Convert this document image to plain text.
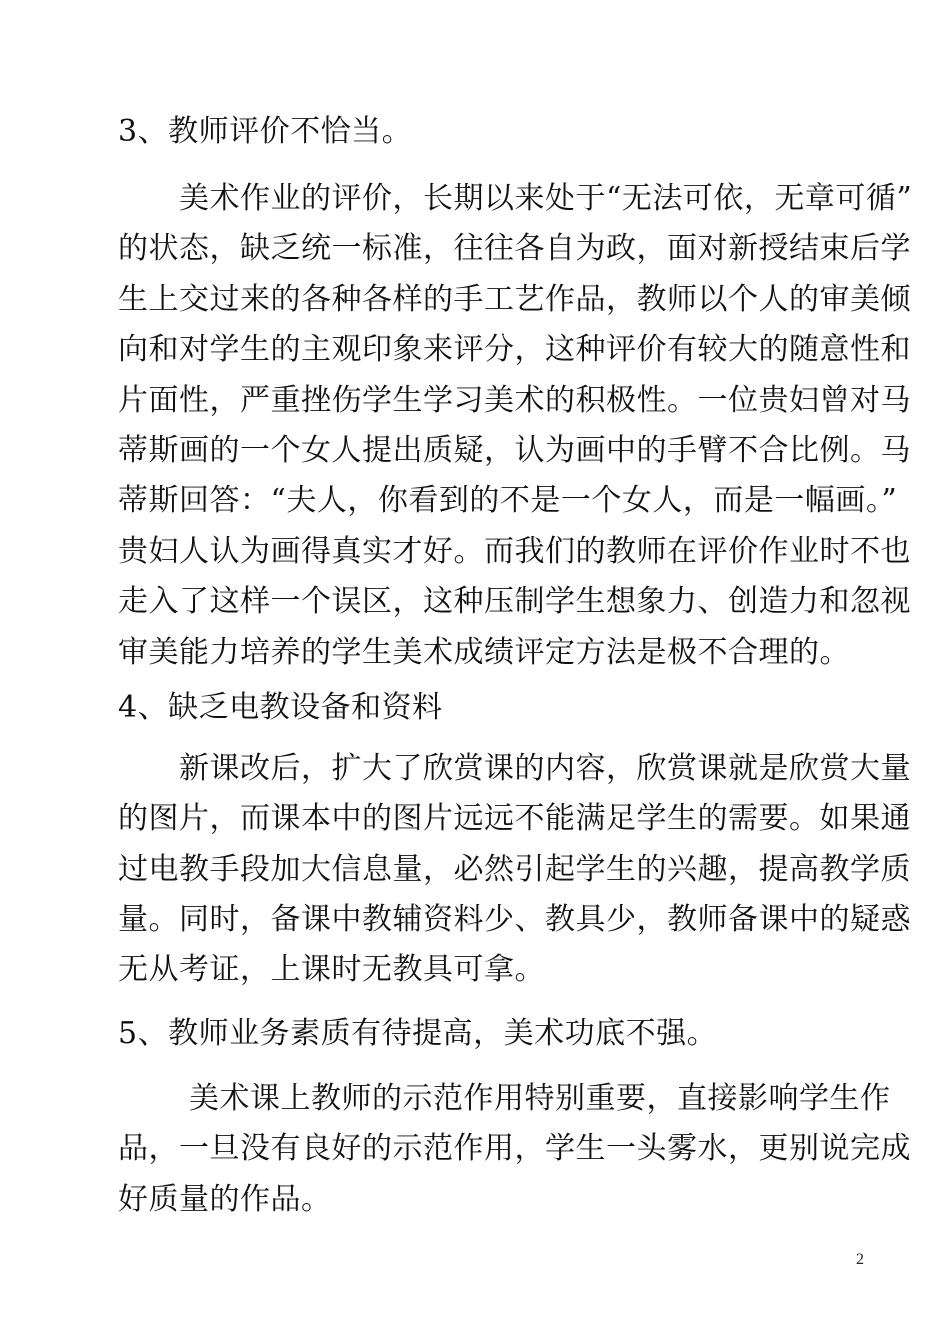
3、教师评价不恰当。
　　美术作业的评价，长期以来处于“无法可依，无章可循”
的状态，缺乏统一标准，往往各自为政，面对新授结束后学
生上交过来的各种各样的手工艺作品，教师以个人的审美倾
向和对学生的主观印象来评分，这种评价有较大的随意性和
片面性，严重挫伤学生学习美术的积极性。一位贵妇曾对马
蒂斯画的一个女人提出质疑，认为画中的手臂不合比例。马
蒂斯回答：“夫人，你看到的不是一个女人，而是一幅画。”
贵妇人认为画得真实才好。而我们的教师在评价作业时不也
走入了这样一个误区，这种压制学生想象力、创造力和忽视
审美能力培养的学生美术成绩评定方法是极不合理的。
4、缺乏电教设备和资料
　　新课改后，扩大了欣赏课的内容，欣赏课就是欣赏大量
的图片，而课本中的图片远远不能满足学生的需要。如果通
过电教手段加大信息量，必然引起学生的兴趣，提高教学质
量。同时，备课中教辅资料少、教具少，教师备课中的疑惑
无从考证，上课时无教具可拿。
5、教师业务素质有待提高，美术功底不强。
　　 美术课上教师的示范作用特别重要，直接影响学生作
品，一旦没有良好的示范作用，学生一头雾水，更别说完成
好质量的作品。
2
